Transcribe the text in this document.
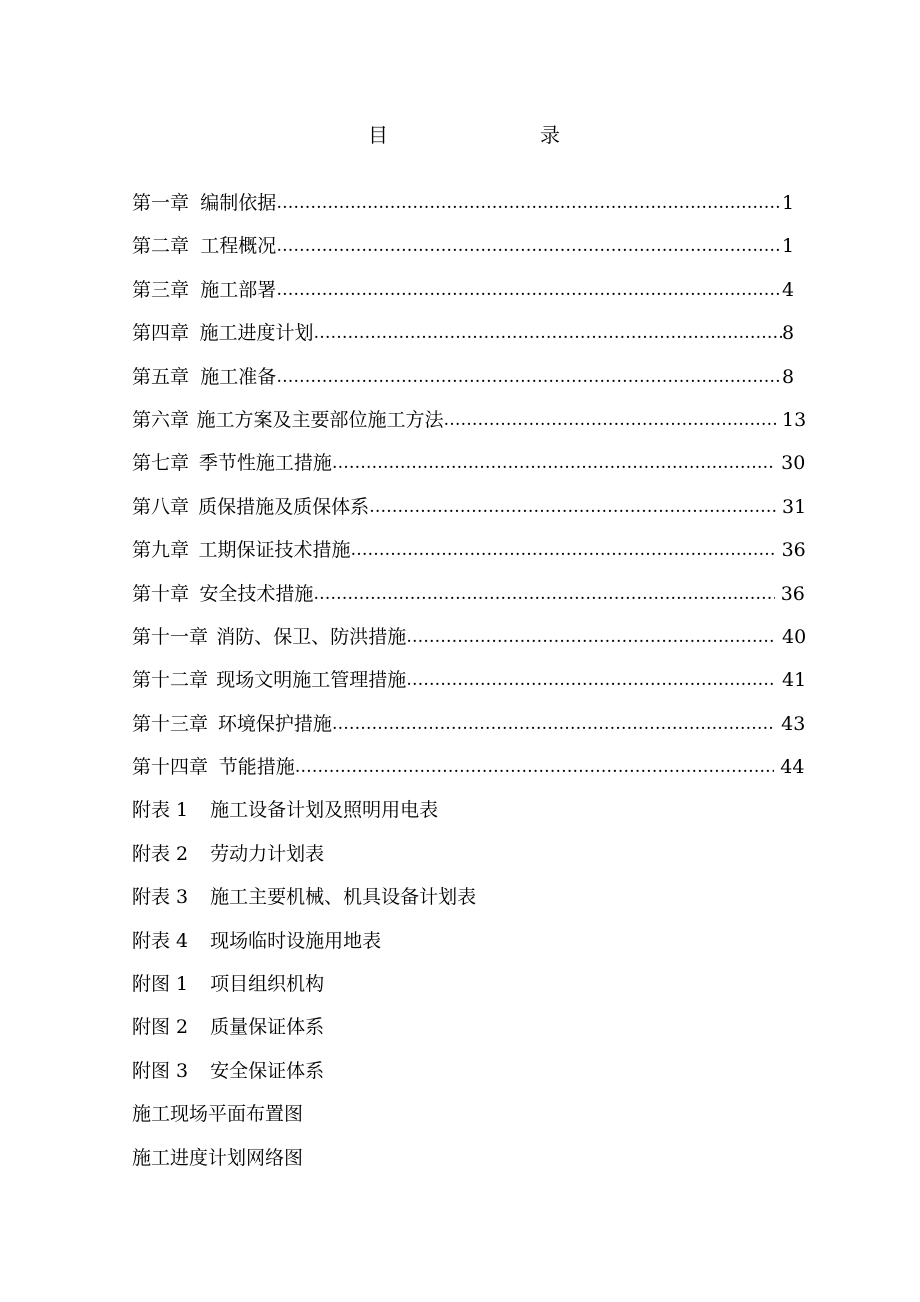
目	录
第一章 编制依据 …………………………………………………………………………………………………………………………………………………………	1
第二章 工程概况 …………………………………………………………………………………………………………………………………………………………	1
第三章 施工部署 …………………………………………………………………………………………………………………………………………………………	4
第四章 施工进度计划 …………………………………………………………………………………………………………………………………………………………	8
第五章 施工准备 …………………………………………………………………………………………………………………………………………………………	8
第六章 施工方案及主要部位施工方法 …………………………………………………………………………………………………………………………………………………………	13
第七章 季节性施工措施 …………………………………………………………………………………………………………………………………………………………	30
第八章 质保措施及质保体系 …………………………………………………………………………………………………………………………………………………………	31
第九章 工期保证技术措施 …………………………………………………………………………………………………………………………………………………………	36
第十章 安全技术措施 …………………………………………………………………………………………………………………………………………………………	36
第十一章 消防、保卫、防洪措施 …………………………………………………………………………………………………………………………………………………………	40
第十二章 现场文明施工管理措施 …………………………………………………………………………………………………………………………………………………………	41
第十三章 环境保护措施 …………………………………………………………………………………………………………………………………………………………	43
第十四章 节能措施 …………………………………………………………………………………………………………………………………………………………	44
附表 1 施工设备计划及照明用电表
附表 2 劳动力计划表
附表 3 施工主要机械、机具设备计划表
附表 4 现场临时设施用地表
附图 1 项目组织机构
附图 2 质量保证体系
附图 3 安全保证体系
施工现场平面布置图
施工进度计划网络图
